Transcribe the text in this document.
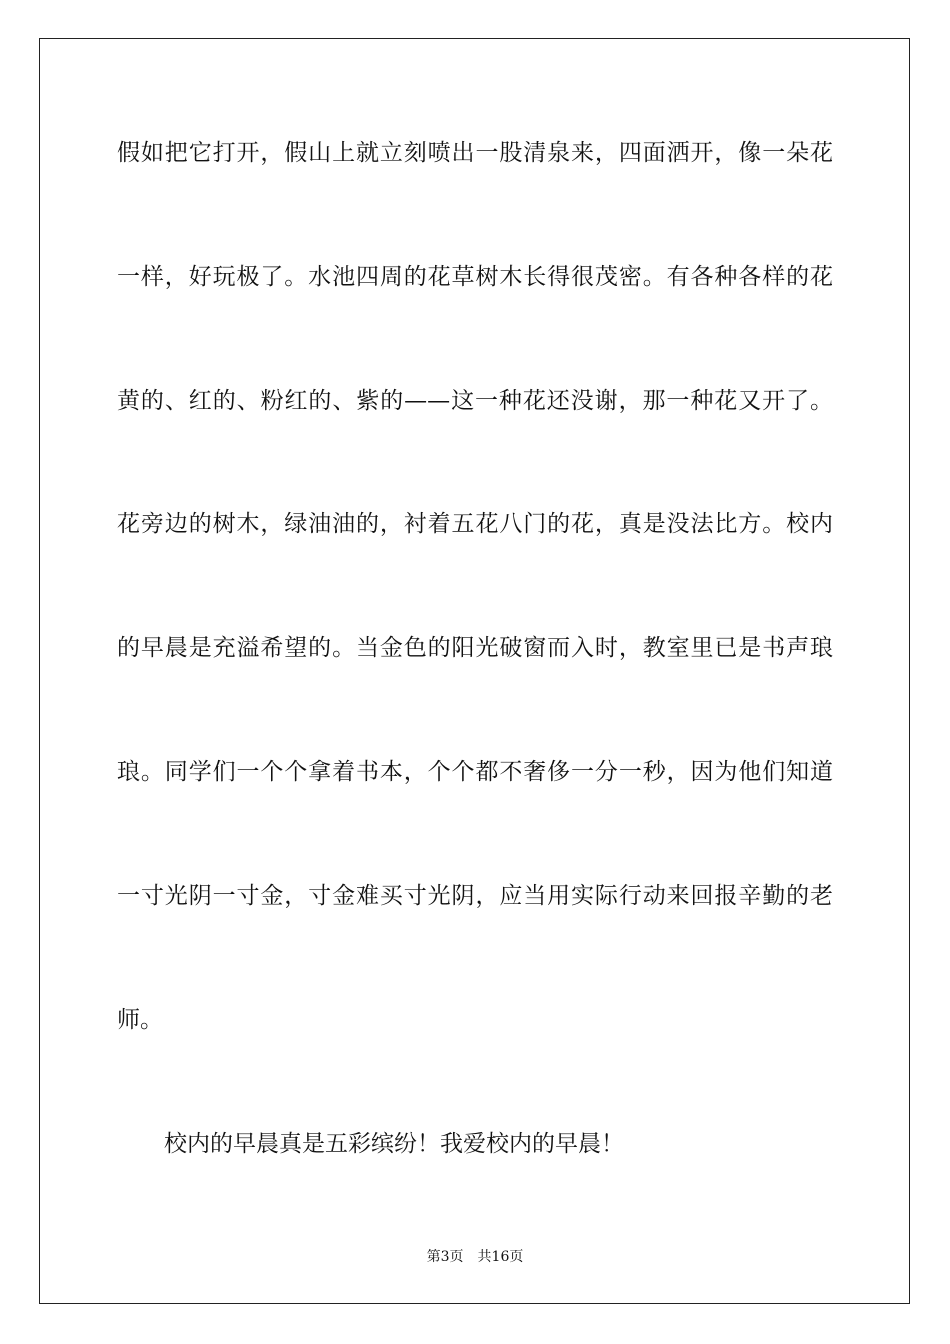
假如把它打开，假山上就立刻喷出一股清泉来，四面洒开，像一朵花
一样，好玩极了。水池四周的花草树木长得很茂密。有各种各样的花
黄的、红的、粉红的、紫的——这一种花还没谢，那一种花又开了。
花旁边的树木，绿油油的，衬着五花八门的花，真是没法比方。校内
的早晨是充溢希望的。当金色的阳光破窗而入时，教室里已是书声琅
琅。同学们一个个拿着书本，个个都不奢侈一分一秒，因为他们知道
一寸光阴一寸金，寸金难买寸光阴，应当用实际行动来回报辛勤的老
师。
校内的早晨真是五彩缤纷！我爱校内的早晨！
第3页 共16页
